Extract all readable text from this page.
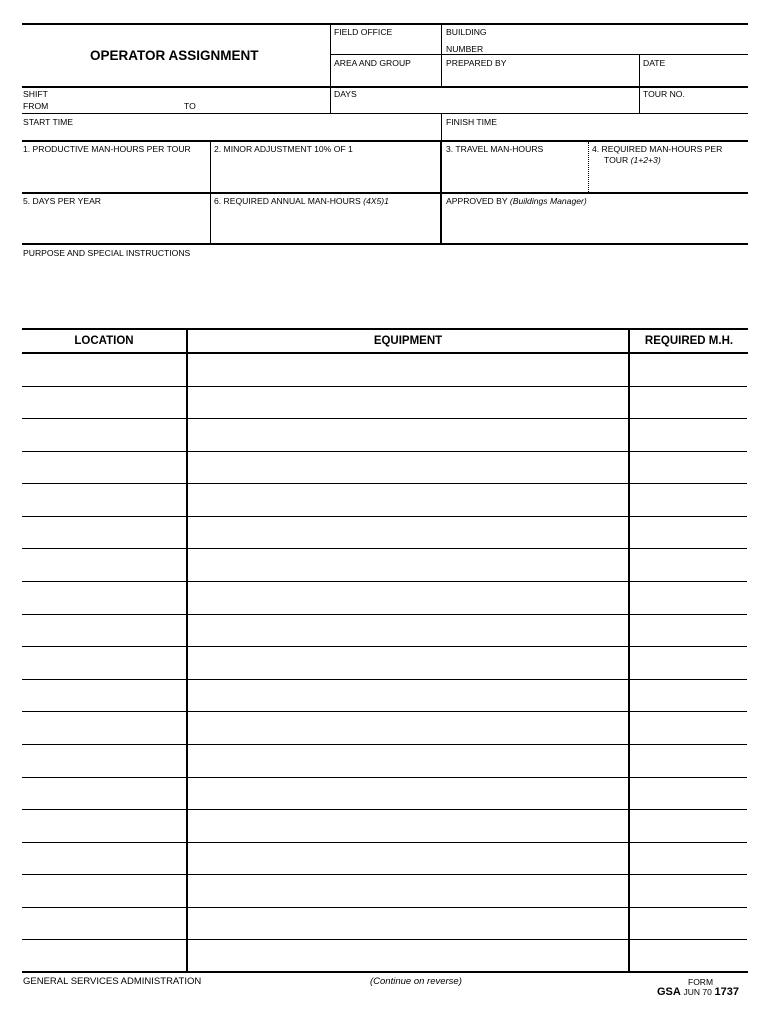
OPERATOR ASSIGNMENT
FIELD OFFICE	BUILDING
NUMBER
AREA AND GROUP	PREPARED BY	DATE
SHIFT
FROM	TO
DAYS	TOUR NO.
START TIME	FINISH TIME
1. PRODUCTIVE MAN-HOURS PER TOUR	2. MINOR ADJUSTMENT 10% OF 1	3. TRAVEL MAN-HOURS	4. REQUIRED MAN-HOURS PER
TOUR (1+2+3)
5. DAYS PER YEAR	6. REQUIRED ANNUAL MAN-HOURS (4X5)1	APPROVED BY (Buildings Manager)
PURPOSE AND SPECIAL INSTRUCTIONS
LOCATION	EQUIPMENT	REQUIRED M.H.
GENERAL SERVICES ADMINISTRATION	(Continue on reverse)	FORM
GSA JUN 70 1737
